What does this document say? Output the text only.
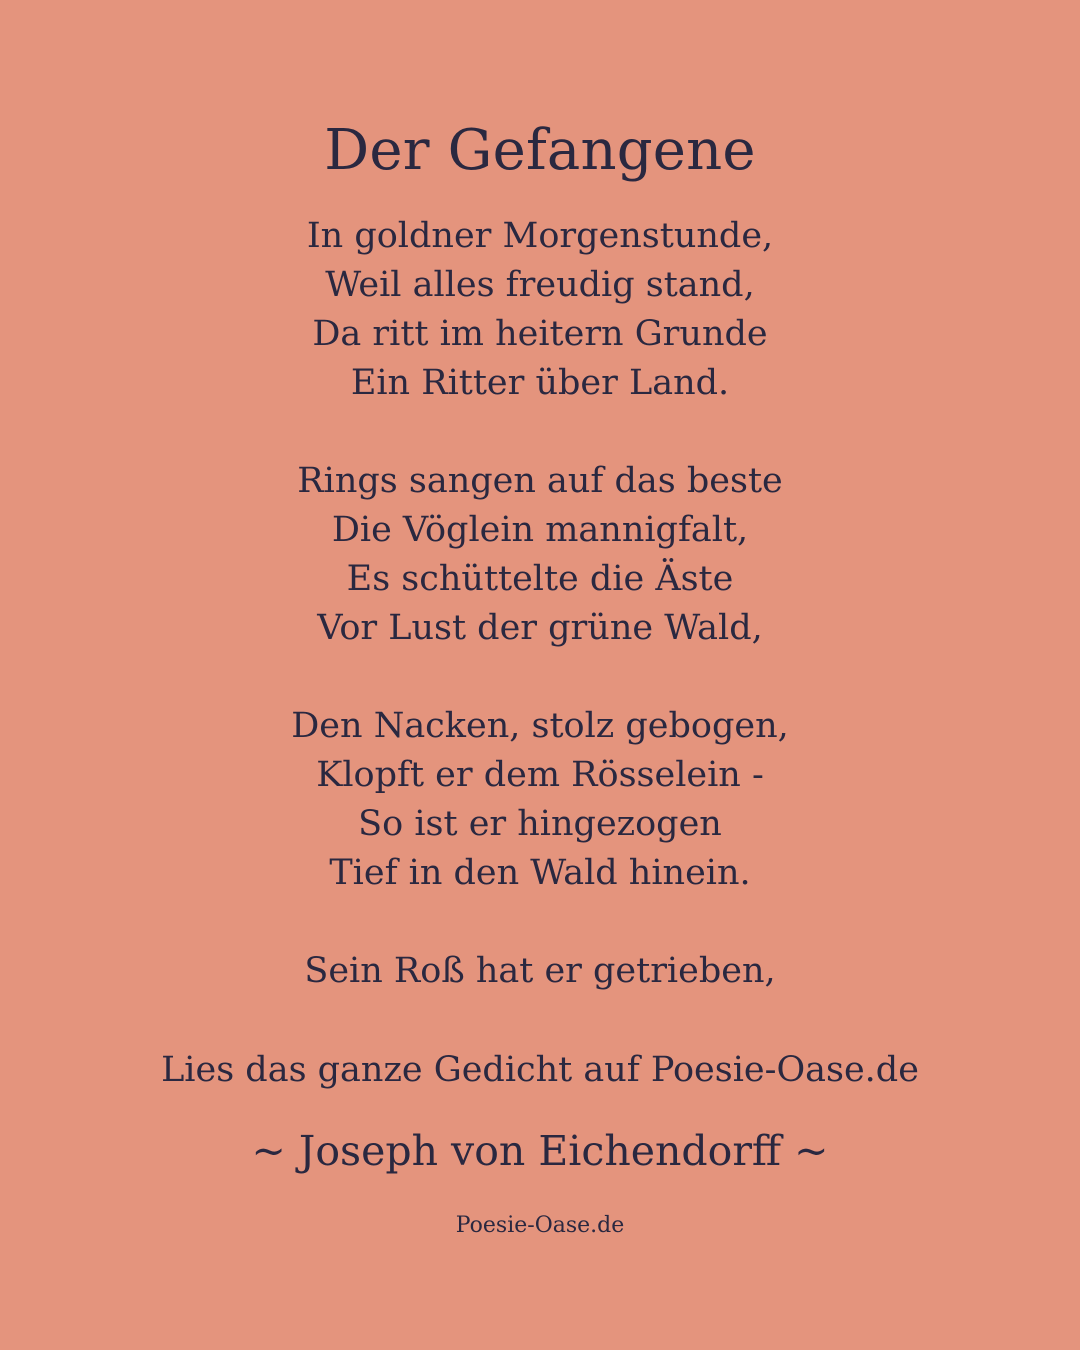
Der Gefangene
In goldner Morgenstunde,
Weil alles freudig stand,
Da ritt im heitern Grunde
Ein Ritter über Land.
Rings sangen auf das beste
Die Vöglein mannigfalt,
Es schüttelte die Äste
Vor Lust der grüne Wald,
Den Nacken, stolz gebogen,
Klopft er dem Rösselein -
So ist er hingezogen
Tief in den Wald hinein.
Sein Roß hat er getrieben,
Lies das ganze Gedicht auf Poesie-Oase.de
~ Joseph von Eichendorff ~
Poesie-Oase.de
